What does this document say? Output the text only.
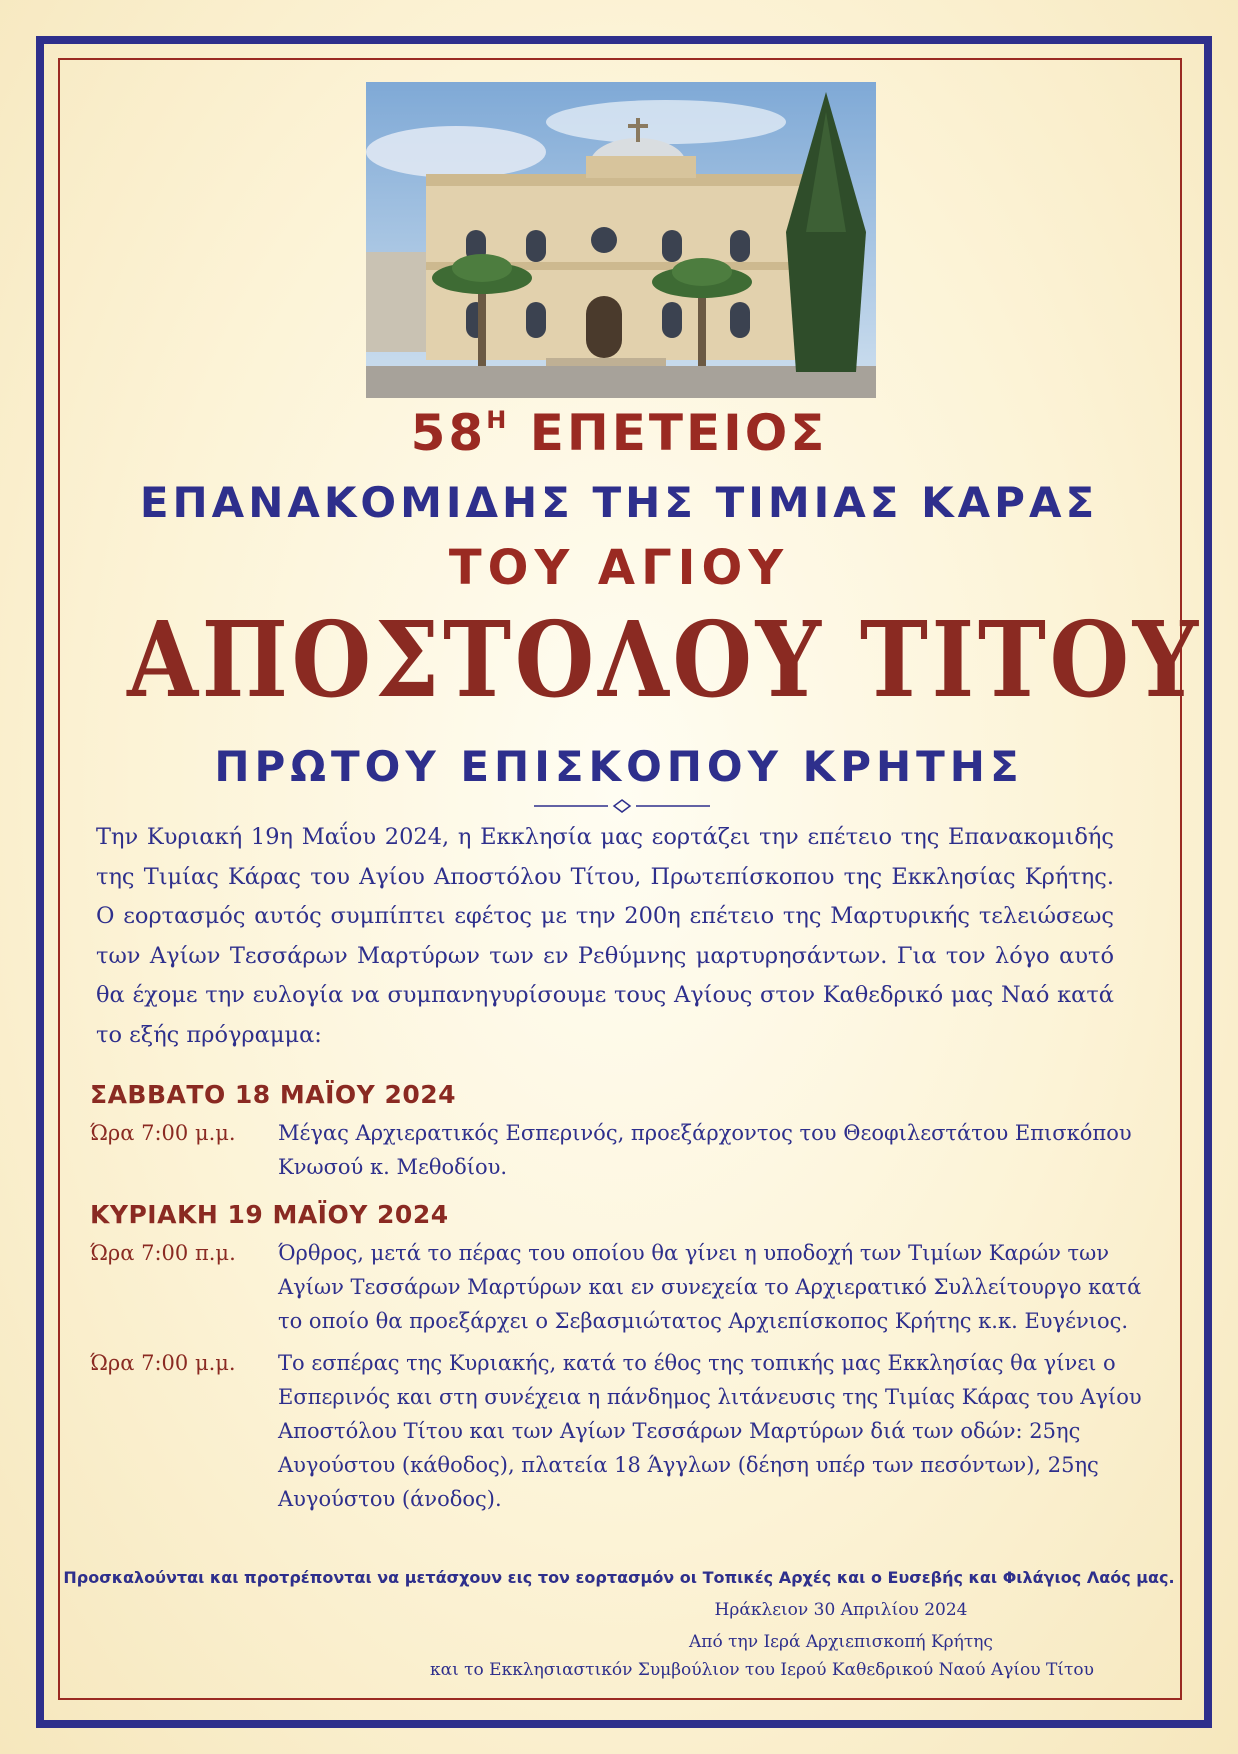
$58^H$ ΕΠΕΤΕΙΟΣ
ΕΠΑΝΑΚΟΜΙΔΗΣ ΤΗΣ ΤΙΜΙΑΣ ΚΑΡΑΣ
ΤΟΥ ΑΓΙΟΥ
ΑΠΟΣΤΟΛΟΥ ΤΙΤΟΥ
ΠΡΩΤΟΥ ΕΠΙΣΚΟΠΟΥ ΚΡΗΤΗΣ
Την Κυριακή 19η Μαΐου 2024, η Εκκλησία μας εορτάζει την επέτειο της Επανακομιδής της Τιμίας Κάρας του Αγίου Αποστόλου Τίτου, Πρωτεπίσκοπου της Εκκλησίας Κρήτης. Ο εορτασμός αυτός συμπίπτει εφέτος με την 200η επέτειο της Μαρτυρικής τελειώσεως των Αγίων Τεσσάρων Μαρτύρων των εν Ρεθύμνης μαρτυρησάντων. Για τον λόγο αυτό θα έχομε την ευλογία να συμπανηγυρίσουμε τους Αγίους στον Καθεδρικό μας Ναό κατά το εξής πρόγραμμα:
ΣΑΒΒΑΤΟ 18 ΜΑΪΟΥ 2024
Ώρα 7:00 μ.μ.	Μέγας Αρχιερατικός Εσπερινός, προεξάρχοντος του Θεοφιλεστάτου Επισκόπου Κνωσού κ. Μεθοδίου.
ΚΥΡΙΑΚΗ 19 ΜΑΪΟΥ 2024
Ώρα 7:00 π.μ.	Όρθρος, μετά το πέρας του οποίου θα γίνει η υποδοχή των Τιμίων Καρών των Αγίων Τεσσάρων Μαρτύρων και εν συνεχεία το Αρχιερατικό Συλλείτουργο κατά το οποίο θα προεξάρχει ο Σεβασμιώτατος Αρχιεπίσκοπος Κρήτης κ.κ. Ευγένιος.
Ώρα 7:00 μ.μ.	Το εσπέρας της Κυριακής, κατά το έθος της τοπικής μας Εκκλησίας θα γίνει ο Εσπερινός και στη συνέχεια η πάνδημος λιτάνευσις της Τιμίας Κάρας του Αγίου Αποστόλου Τίτου και των Αγίων Τεσσάρων Μαρτύρων διά των οδών: 25ης Αυγούστου (κάθοδος), πλατεία 18 Άγγλων (δέηση υπέρ των πεσόντων), 25ης Αυγούστου (άνοδος).
Προσκαλούνται και προτρέπονται να μετάσχουν εις τον εορτασμόν οι Τοπικές Αρχές και ο Ευσεβής και Φιλάγιος Λαός μας.
Ηράκλειον 30 Απριλίου 2024
Από την Ιερά Αρχιεπισκοπή Κρήτης
και το Εκκλησιαστικόν Συμβούλιον του Ιερού Καθεδρικού Ναού Αγίου Τίτου
